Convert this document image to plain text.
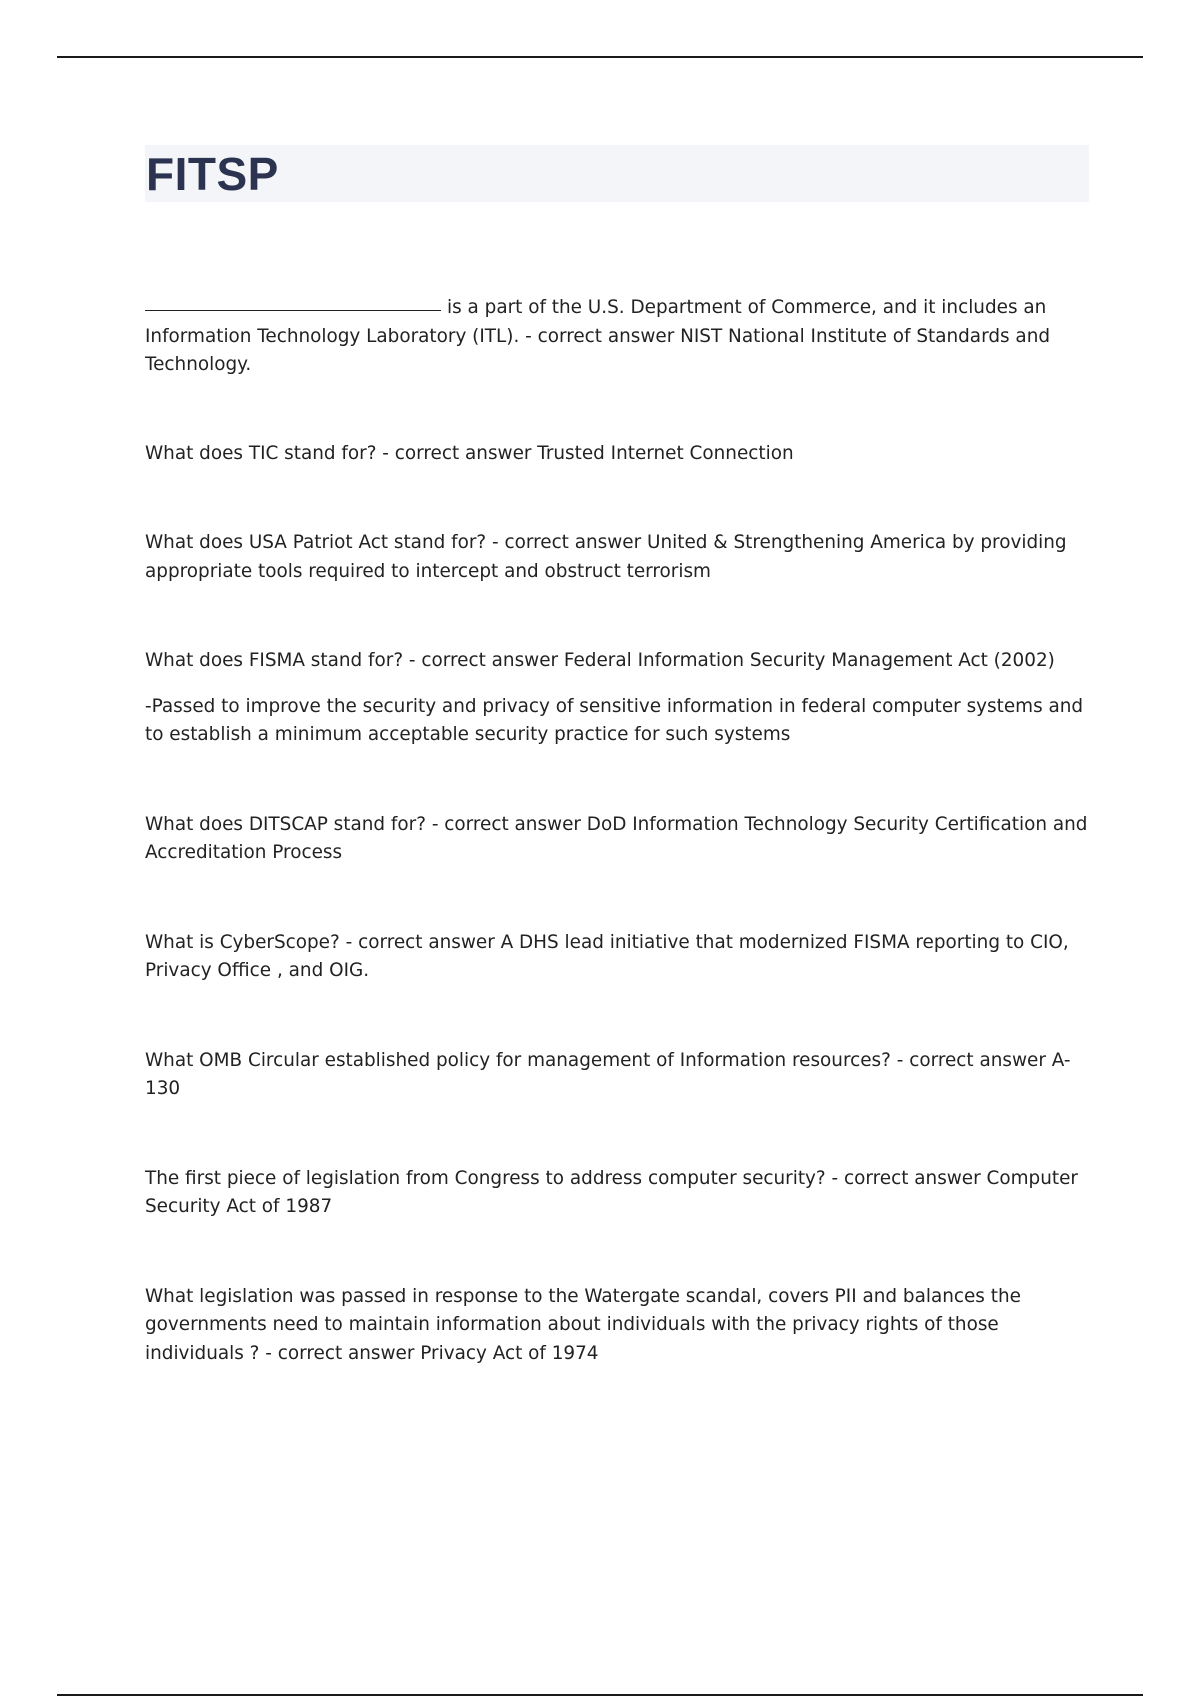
FITSP

is a part of the U.S. Department of Commerce, and it includes an Information Technology Laboratory (ITL). - correct answer NIST National Institute of Standards and Technology.

What does TIC stand for? - correct answer Trusted Internet Connection

What does USA Patriot Act stand for? - correct answer United & Strengthening America by providing appropriate tools required to intercept and obstruct terrorism

What does FISMA stand for? - correct answer Federal Information Security Management Act (2002)

-Passed to improve the security and privacy of sensitive information in federal computer systems and to establish a minimum acceptable security practice for such systems

What does DITSCAP stand for? - correct answer DoD Information Technology Security Certification and Accreditation Process

What is CyberScope? - correct answer A DHS lead initiative that modernized FISMA reporting to CIO, Privacy Office , and OIG.

What OMB Circular established policy for management of Information resources? - correct answer A-130

The first piece of legislation from Congress to address computer security? - correct answer Computer Security Act of 1987

What legislation was passed in response to the Watergate scandal, covers PII and balances the governments need to maintain information about individuals with the privacy rights of those individuals ? - correct answer Privacy Act of 1974
